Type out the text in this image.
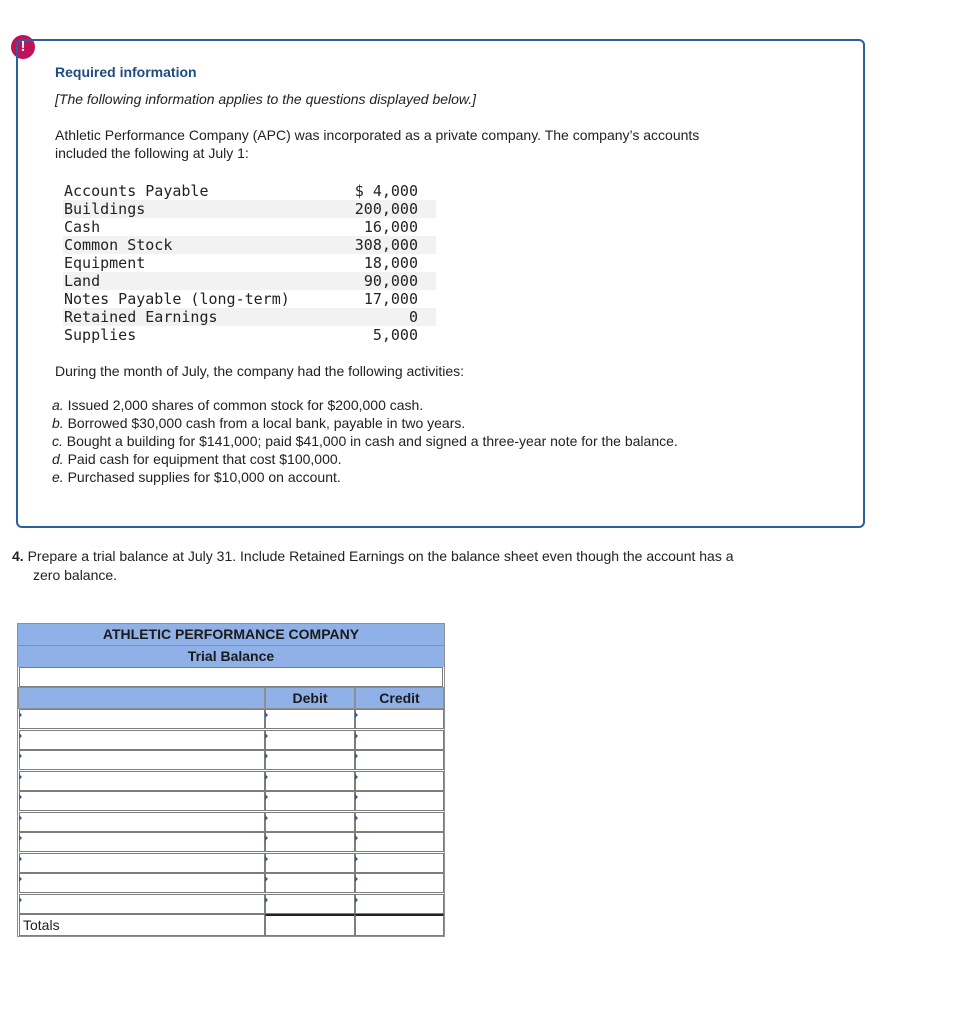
!
Required information
[The following information applies to the questions displayed below.]
Athletic Performance Company (APC) was incorporated as a private company. The company’s accounts
included the following at July 1:
Accounts Payable	$ 4,000
Buildings	200,000
Cash	16,000
Common Stock	308,000
Equipment	18,000
Land	90,000
Notes Payable (long-term)	17,000
Retained Earnings	0
Supplies	5,000
During the month of July, the company had the following activities:
a. Issued 2,000 shares of common stock for $200,000 cash.
b. Borrowed $30,000 cash from a local bank, payable in two years.
c. Bought a building for $141,000; paid $41,000 in cash and signed a three-year note for the balance.
d. Paid cash for equipment that cost $100,000.
e. Purchased supplies for $10,000 on account.
4. Prepare a trial balance at July 31. Include Retained Earnings on the balance sheet even though the account has a
zero balance.
ATHLETIC PERFORMANCE COMPANY
Trial Balance
Debit	Credit
Totals
